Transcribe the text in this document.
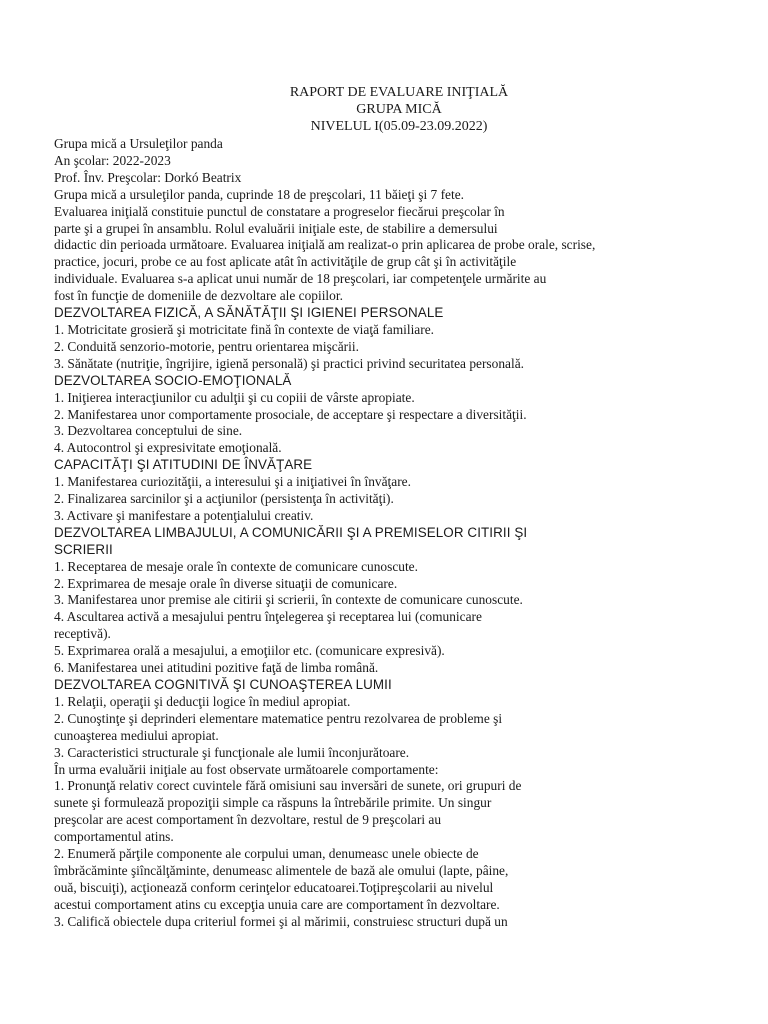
RAPORT DE EVALUARE INIŢIALĂ
GRUPA MICĂ
NIVELUL I(05.09-23.09.2022)
Grupa mică a Ursuleţilor panda
An şcolar: 2022-2023
Prof. Înv. Preşcolar: Dorkó Beatrix
Grupa mică a ursuleţilor panda, cuprinde 18 de preşcolari, 11 băieţi şi 7 fete.
Evaluarea iniţială constituie punctul de constatare a progreselor fiecărui preşcolar în
parte şi a grupei în ansamblu. Rolul evaluării iniţiale este, de stabilire a demersului
didactic din perioada următoare. Evaluarea iniţială am realizat-o prin aplicarea de probe orale, scrise,
practice, jocuri, probe ce au fost aplicate atât în activităţile de grup cât şi în activităţile
individuale. Evaluarea s-a aplicat unui număr de 18 preşcolari, iar competenţele urmărite au
fost în funcţie de domeniile de dezvoltare ale copiilor.
DEZVOLTAREA FIZICĂ, A SĂNĂTĂŢII ŞI IGIENEI PERSONALE
1. Motricitate grosieră şi motricitate fină în contexte de viaţă familiare.
2. Conduită senzorio-motorie, pentru orientarea mişcării.
3. Sănătate (nutriţie, îngrijire, igienă personală) şi practici privind securitatea personală.
DEZVOLTAREA SOCIO-EMOŢIONALĂ
1. Iniţierea interacţiunilor cu adulţii şi cu copiii de vârste apropiate.
2. Manifestarea unor comportamente prosociale, de acceptare şi respectare a diversităţii.
3. Dezvoltarea conceptului de sine.
4. Autocontrol şi expresivitate emoţională.
CAPACITĂŢI ŞI ATITUDINI DE ÎNVĂŢARE
1. Manifestarea curiozităţii, a interesului şi a iniţiativei în învăţare.
2. Finalizarea sarcinilor şi a acţiunilor (persistenţa în activităţi).
3. Activare şi manifestare a potenţialului creativ.
DEZVOLTAREA LIMBAJULUI, A COMUNICĂRII ŞI A PREMISELOR CITIRII ŞI
SCRIERII
1. Receptarea de mesaje orale în contexte de comunicare cunoscute.
2. Exprimarea de mesaje orale în diverse situaţii de comunicare.
3. Manifestarea unor premise ale citirii şi scrierii, în contexte de comunicare cunoscute.
4. Ascultarea activă a mesajului pentru înţelegerea şi receptarea lui (comunicare
receptivă).
5. Exprimarea orală a mesajului, a emoţiilor etc. (comunicare expresivă).
6. Manifestarea unei atitudini pozitive faţă de limba română.
DEZVOLTAREA COGNITIVĂ ŞI CUNOAŞTEREA LUMII
1. Relaţii, operaţii şi deducţii logice în mediul apropiat.
2. Cunoştinţe şi deprinderi elementare matematice pentru rezolvarea de probleme şi
cunoaşterea mediului apropiat.
3. Caracteristici structurale şi funcţionale ale lumii înconjurătoare.
În urma evaluării iniţiale au fost observate următoarele comportamente:
1. Pronunţă relativ corect cuvintele fără omisiuni sau inversări de sunete, ori grupuri de
sunete şi formulează propoziţii simple ca răspuns la întrebările primite. Un singur
preşcolar are acest comportament în dezvoltare, restul de 9 preşcolari au
comportamentul atins.
2. Enumeră părţile componente ale corpului uman, denumeasc unele obiecte de
îmbrăcăminte şiîncălţăminte, denumeasc alimentele de bază ale omului (lapte, pâine,
ouă, biscuiţi), acţionează conform cerinţelor educatoarei.Toţipreşcolarii au nivelul
acestui comportament atins cu excepţia unuia care are comportament în dezvoltare.
3. Califică obiectele dupa criteriul formei şi al mărimii, construiesc structuri după un
